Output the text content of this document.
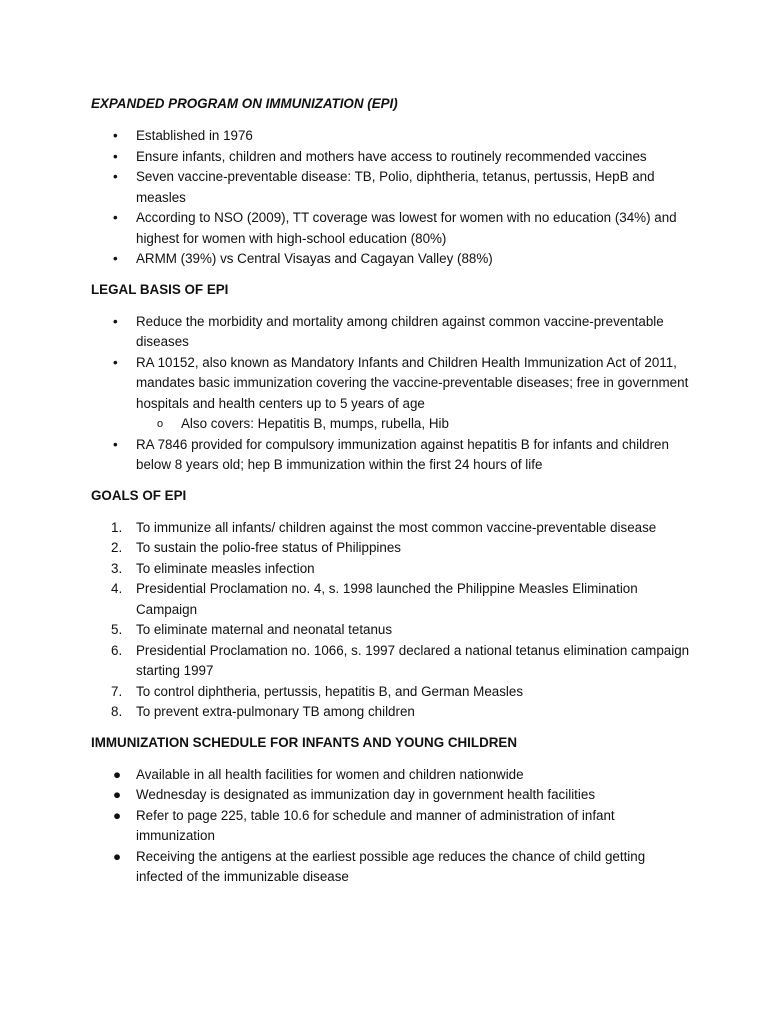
EXPANDED PROGRAM ON IMMUNIZATION (EPI)

• Established in 1976
• Ensure infants, children and mothers have access to routinely recommended vaccines
• Seven vaccine-preventable disease: TB, Polio, diphtheria, tetanus, pertussis, HepB and measles
• According to NSO (2009), TT coverage was lowest for women with no education (34%) and highest for women with high-school education (80%)
• ARMM (39%) vs Central Visayas and Cagayan Valley (88%)

LEGAL BASIS OF EPI

• Reduce the morbidity and mortality among children against common vaccine-preventable diseases
• RA 10152, also known as Mandatory Infants and Children Health Immunization Act of 2011, mandates basic immunization covering the vaccine-preventable diseases; free in government hospitals and health centers up to 5 years of age
o Also covers: Hepatitis B, mumps, rubella, Hib
• RA 7846 provided for compulsory immunization against hepatitis B for infants and children below 8 years old; hep B immunization within the first 24 hours of life

GOALS OF EPI

1. To immunize all infants/ children against the most common vaccine-preventable disease
2. To sustain the polio-free status of Philippines
3. To eliminate measles infection
4. Presidential Proclamation no. 4, s. 1998 launched the Philippine Measles Elimination Campaign
5. To eliminate maternal and neonatal tetanus
6. Presidential Proclamation no. 1066, s. 1997 declared a national tetanus elimination campaign starting 1997
7. To control diphtheria, pertussis, hepatitis B, and German Measles
8. To prevent extra-pulmonary TB among children

IMMUNIZATION SCHEDULE FOR INFANTS AND YOUNG CHILDREN

● Available in all health facilities for women and children nationwide
● Wednesday is designated as immunization day in government health facilities
● Refer to page 225, table 10.6 for schedule and manner of administration of infant immunization
● Receiving the antigens at the earliest possible age reduces the chance of child getting infected of the immunizable disease
